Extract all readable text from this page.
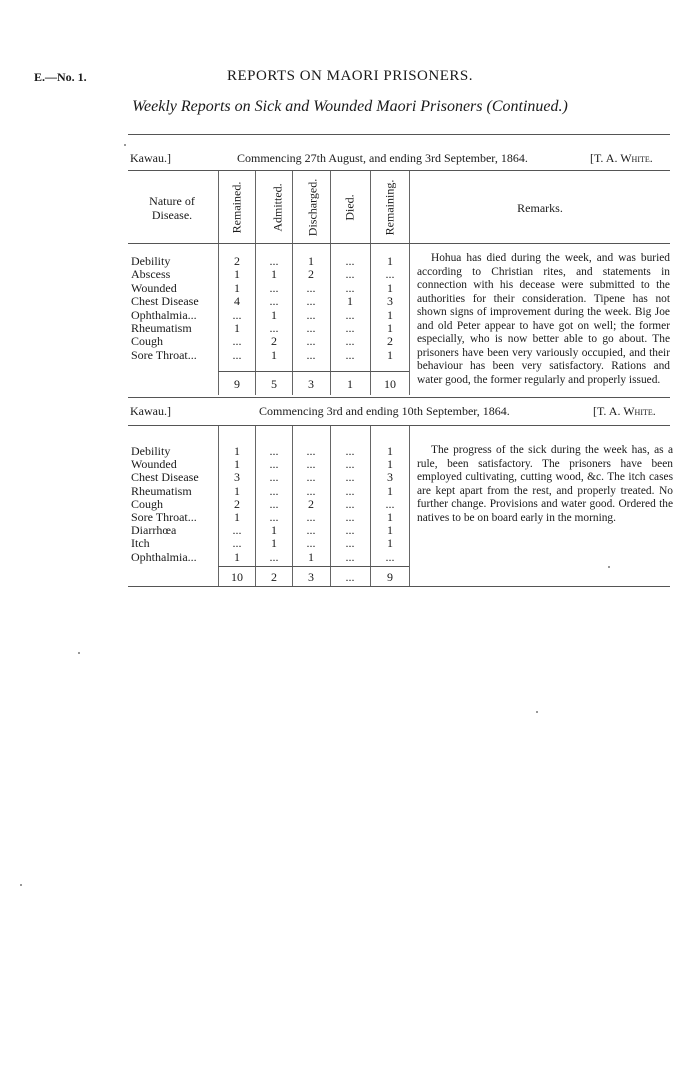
E.—No. 1.	REPORTS ON MAORI PRISONERS.
Weekly Reports on Sick and Wounded Maori Prisoners (Continued.)
Kawau.]	Commencing 27th August, and ending 3rd September, 1864.	[T. A. White.
Nature of Disease.	Remained. Admitted. Discharged. Died. Remaining.	Remarks.
Debility	2	...	1	...	1
Abscess	1	1	2	...	...
Wounded	1	...	...	...	1
Chest Disease	4	...	...	1	3
Ophthalmia...	...	1	...	...	1
Rheumatism	1	...	...	...	1
Cough	...	2	...	...	2
Sore Throat...	...	1	...	...	1
9	5	3	1	10
Hohua has died during the week, and was buried according to Christian rites, and statements in connection with his decease were submitted to the authorities for their consideration. Tipene has not shown signs of improvement during the week. Big Joe and old Peter appear to have got on well; the former especially, who is now better able to go about. The prisoners have been very variously occupied, and their behaviour has been very satisfactory. Rations and water good, the former regularly and properly issued.
Kawau.]	Commencing 3rd and ending 10th September, 1864.	[T. A. White.
Debility	1	...	...	...	1
Wounded	1	...	...	...	1
Chest Disease	3	...	...	...	3
Rheumatism	1	...	...	...	1
Cough	2	...	2	...	...
Sore Throat...	1	...	...	...	1
Diarrhœa	...	1	...	...	1
Itch	...	1	...	...	1
Ophthalmia...	1	...	1	...	...
10	2	3	...	9
The progress of the sick during the week has, as a rule, been satisfactory. The prisoners have been employed cultivating, cutting wood, &c. The itch cases are kept apart from the rest, and properly treated. No further change. Provisions and water good. Ordered the natives to be on board early in the morning.
